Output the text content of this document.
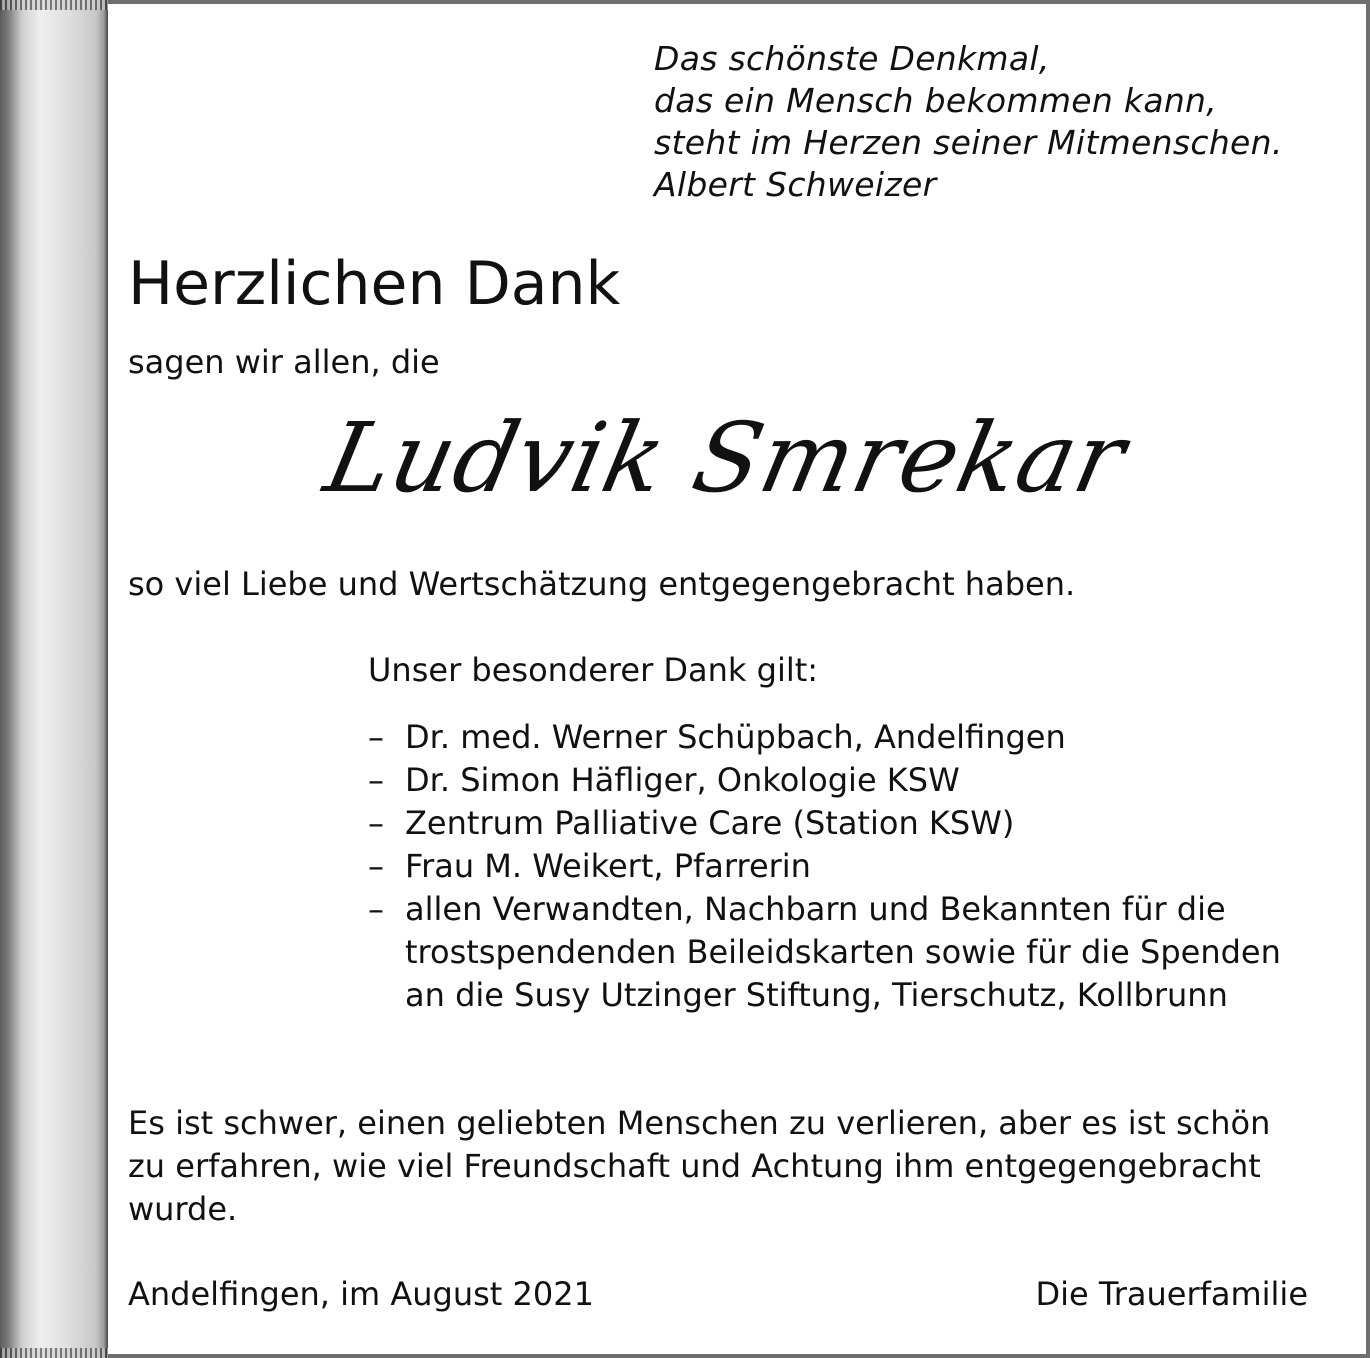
Das schönste Denkmal,
das ein Mensch bekommen kann,
steht im Herzen seiner Mitmenschen.
Albert Schweizer
Herzlichen Dank
sagen wir allen, die
Ludvik Smrekar
so viel Liebe und Wertschätzung entgegengebracht haben.
Unser besonderer Dank gilt:
– Dr. med. Werner Schüpbach, Andelfingen
– Dr. Simon Häfliger, Onkologie KSW
– Zentrum Palliative Care (Station KSW)
– Frau M. Weikert, Pfarrerin
– allen Verwandten, Nachbarn und Bekannten für die trostspendenden Beileidskarten sowie für die Spenden an die Susy Utzinger Stiftung, Tierschutz, Kollbrunn
Es ist schwer, einen geliebten Menschen zu verlieren, aber es ist schön zu erfahren, wie viel Freundschaft und Achtung ihm entgegengebracht wurde.
Andelfingen, im August 2021	Die Trauerfamilie
